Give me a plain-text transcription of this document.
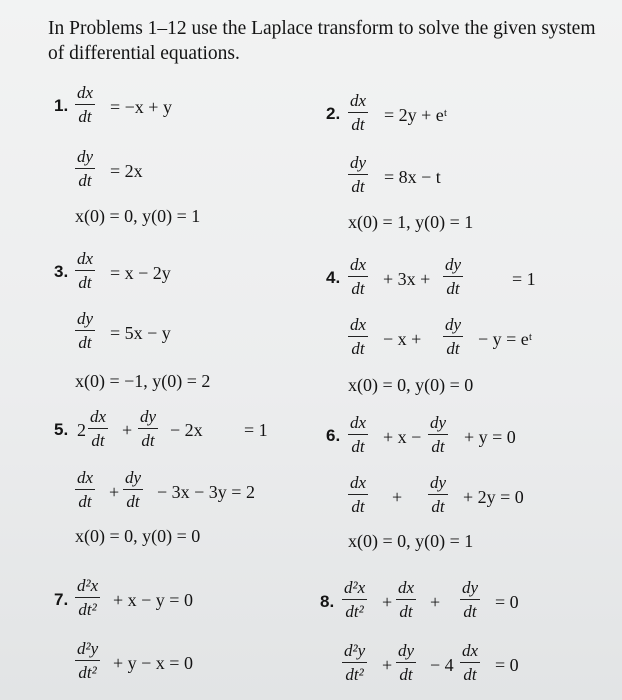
In Problems 1–12 use the Laplace transform to solve the given system of differential equations.
1.
dx
dt = −x + y
dy
dt = 2x
x(0) = 0, y(0) = 1
2.
dx
dt = 2y + eᵗ
dy
dt = 8x − t
x(0) = 1, y(0) = 1
3.
dx
dt = x − 2y
dy
dt = 5x − y
x(0) = −1, y(0) = 2
4.
dx
dt + 3x +
dy
dt	= 1
dx
dt − x +
dy
dt − y = eᵗ
x(0) = 0, y(0) = 0
5. 2
dx
dt
+
dy
dt
− 2x = 1
dx
dt +
dy
dt − 3x − 3y = 2
x(0) = 0, y(0) = 0
6.
dx
dt + x −
dy
dt + y = 0
dx
dt +
dy
dt + 2y = 0
x(0) = 0, y(0) = 1
7.
d²x
dt² + x − y = 0
d²y
dt² + y − x = 0
8.
d²x
dt² +
dx
dt +
dy
dt = 0
d²y
dt² +
dy
dt − 4
dx
dt = 0
